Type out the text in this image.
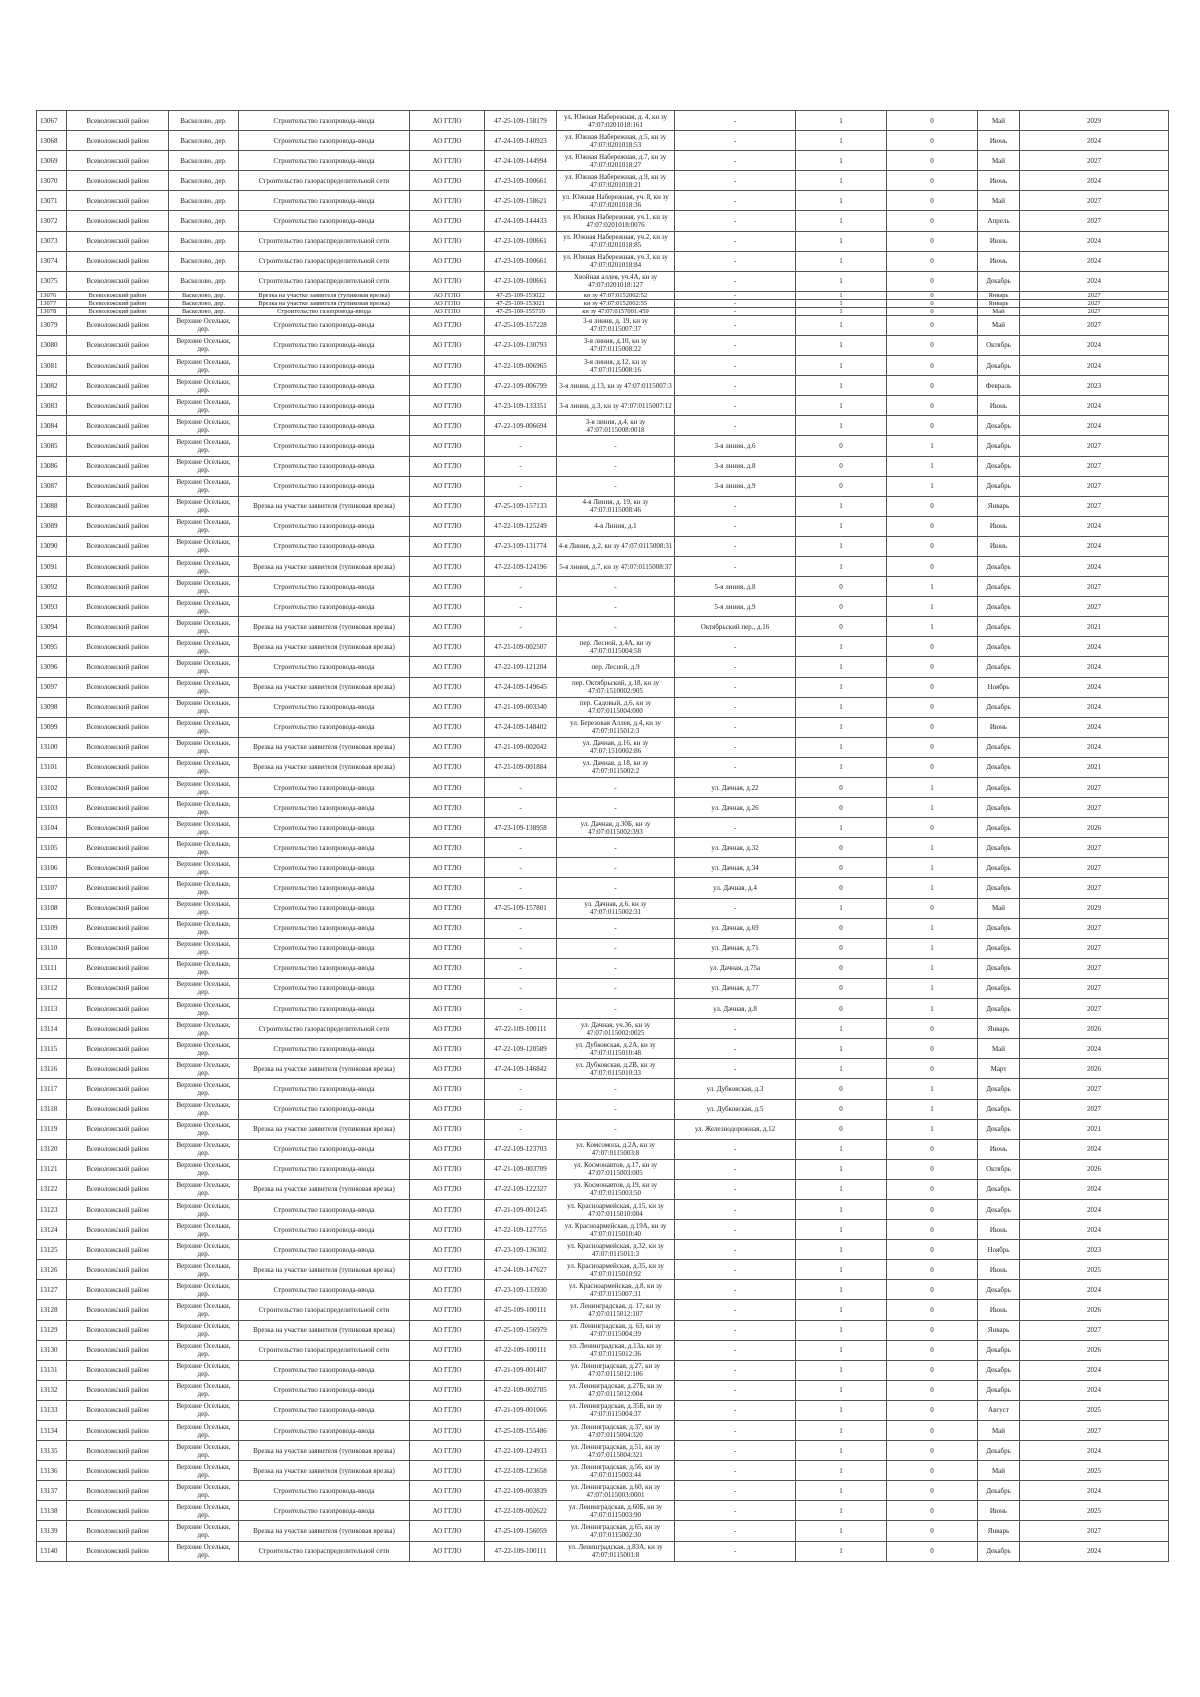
13067	Всеволожский район	Васкелово, дер.	Строительство газопровода-ввода	АО ГГЛО	47-25-109-158179	ул. Южная Набережная, д. 4, кн зу 47:07:0201018:161	-	1	0	Май	2029
13068	Всеволожский район	Васкелово, дер.	Строительство газопровода-ввода	АО ГГЛО	47-24-109-140923	ул. Южная Набережная, д.5, кн зу 47:07:0201018:53	-	1	0	Июнь	2024
13069	Всеволожский район	Васкелово, дер.	Строительство газопровода-ввода	АО ГГЛО	47-24-109-144994	ул. Южная Набережная, д.7, кн зу 47:07:0201018:27	-	1	0	Май	2027
13070	Всеволожский район	Васкелово, дер.	Строительство газораспределительной сети	АО ГГЛО	47-23-109-100661	ул. Южная Набережная, д.9, кн зу 47:07:0201018:21	-	1	0	Июнь	2024
13071	Всеволожский район	Васкелово, дер.	Строительство газопровода-ввода	АО ГГЛО	47-25-109-158621	ул. Южная Набережная, уч. 8, кн зу 47:07:0201018:36	-	1	0	Май	2027
13072	Всеволожский район	Васкелово, дер.	Строительство газопровода-ввода	АО ГГЛО	47-24-109-144433	ул. Южная Набережная, уч.1, кн зу 47:07:0201018:0076	-	1	0	Апрель	2027
13073	Всеволожский район	Васкелово, дер.	Строительство газораспределительной сети	АО ГГЛО	47-23-109-100661	ул. Южная Набережная, уч.2, кн зу 47:07:0201018:85	-	1	0	Июнь	2024
13074	Всеволожский район	Васкелово, дер.	Строительство газораспределительной сети	АО ГГЛО	47-23-109-100661	ул. Южная Набережная, уч.3, кн зу 47:07:0201018:84	-	1	0	Июнь	2024
13075	Всеволожский район	Васкелово, дер.	Строительство газораспределительной сети	АО ГГЛО	47-23-109-100661	Хвойная аллея, уч.4А, кн зу 47:07:0201018:127	-	1	0	Декабрь	2024
13076	Всеволожский район	Васкелово, дер.	Врезка на участке заявителя (тупиковая врезка)	АО ГГЛО	47-25-109-153022	кн зу 47:07:0152002:52	-	1	0	Январь	2027
13077	Всеволожский район	Васкелово, дер.	Врезка на участке заявителя (тупиковая врезка)	АО ГГЛО	47-25-109-153021	кн зу 47:07:0152002:55	-	1	0	Январь	2027
13078	Всеволожский район	Васкелово, дер.	Строительство газопровода-ввода	АО ГГЛО	47-25-109-155710	кн зу 47:07:0157001:459	-	1	0	Май	2027
13079	Всеволожский район	Верхние Осельки, дер.	Строительство газопровода-ввода	АО ГГЛО	47-25-109-157228	3-я линия, д. 19, кн зу 47:07:0115007:37	-	1	0	Май	2027
13080	Всеволожский район	Верхние Осельки, дер.	Строительство газопровода-ввода	АО ГГЛО	47-23-109-130793	3-я линия, д.10, кн зу 47:07:0115008:22	-	1	0	Октябрь	2024
13081	Всеволожский район	Верхние Осельки, дер.	Строительство газопровода-ввода	АО ГГЛО	47-22-109-006965	3-я линия, д.12, кн зу 47:07:0115008:16	-	1	0	Декабрь	2024
13082	Всеволожский район	Верхние Осельки, дер.	Строительство газопровода-ввода	АО ГГЛО	47-22-109-006799	3-я линия, д.13, кн зу 47:07:0115007:3	-	1	0	Февраль	2023
13083	Всеволожский район	Верхние Осельки, дер.	Строительство газопровода-ввода	АО ГГЛО	47-23-109-133351	3-я линия, д.3, кн зу 47:07:0115007:12	-	1	0	Июнь	2024
13084	Всеволожский район	Верхние Осельки, дер.	Строительство газопровода-ввода	АО ГГЛО	47-22-109-006694	3-я линия, д.4, кн зу 47:07:0115008:0018	-	1	0	Декабрь	2024
13085	Всеволожский район	Верхние Осельки, дер.	Строительство газопровода-ввода	АО ГГЛО	-	-	3-я линия, д.6	0	1	Декабрь	2027
13086	Всеволожский район	Верхние Осельки, дер.	Строительство газопровода-ввода	АО ГГЛО	-	-	3-я линия, д.8	0	1	Декабрь	2027
13087	Всеволожский район	Верхние Осельки, дер.	Строительство газопровода-ввода	АО ГГЛО	-	-	3-я линия, д.9	0	1	Декабрь	2027
13088	Всеволожский район	Верхние Осельки, дер.	Врезка на участке заявителя (тупиковая врезка)	АО ГГЛО	47-25-109-157133	4-я Линия, д. 19, кн зу 47:07:0115008:46	-	1	0	Январь	2027
13089	Всеволожский район	Верхние Осельки, дер.	Строительство газопровода-ввода	АО ГГЛО	47-22-109-125249	4-я Линия, д.1	-	1	0	Июнь	2024
13090	Всеволожский район	Верхние Осельки, дер.	Строительство газопровода-ввода	АО ГГЛО	47-23-109-131774	4-я Линия, д.2, кн зу 47:07:0115008:31	-	1	0	Июнь	2024
13091	Всеволожский район	Верхние Осельки, дер.	Врезка на участке заявителя (тупиковая врезка)	АО ГГЛО	47-22-109-124196	5-я линия, д.7, кн зу 47:07:0115008:37	-	1	0	Декабрь	2024
13092	Всеволожский район	Верхние Осельки, дер.	Строительство газопровода-ввода	АО ГГЛО	-	-	5-я линия, д.8	0	1	Декабрь	2027
13093	Всеволожский район	Верхние Осельки, дер.	Строительство газопровода-ввода	АО ГГЛО	-	-	5-я линия, д.9	0	1	Декабрь	2027
13094	Всеволожский район	Верхние Осельки, дер.	Врезка на участке заявителя (тупиковая врезка)	АО ГГЛО	-	-	Октябрьский пер., д.16	0	1	Декабрь	2021
13095	Всеволожский район	Верхние Осельки, дер.	Врезка на участке заявителя (тупиковая врезка)	АО ГГЛО	47-21-109-002507	пер. Лесной, д.4А, кн зу 47:07:0115004:58	-	1	0	Декабрь	2024
13096	Всеволожский район	Верхние Осельки, дер.	Строительство газопровода-ввода	АО ГГЛО	47-22-109-121204	пер. Лесной, д.9	-	1	0	Декабрь	2024
13097	Всеволожский район	Верхние Осельки, дер.	Врезка на участке заявителя (тупиковая врезка)	АО ГГЛО	47-24-109-149645	пер. Октябрьский, д.18, кн зу 47:07:1510002:905	-	1	0	Ноябрь	2024
13098	Всеволожский район	Верхние Осельки, дер.	Строительство газопровода-ввода	АО ГГЛО	47-21-109-003340	пер. Садовый, д.6, кн зу 47:07:0115004:000	-	1	0	Декабрь	2024
13099	Всеволожский район	Верхние Осельки, дер.	Строительство газопровода-ввода	АО ГГЛО	47-24-109-148402	ул. Березовая Аллея, д.4, кн зу 47:07:0115012:3	-	1	0	Июнь	2024
13100	Всеволожский район	Верхние Осельки, дер.	Врезка на участке заявителя (тупиковая врезка)	АО ГГЛО	47-21-109-002042	ул. Дачная, д.16, кн зу 47:07:1510002:86	-	1	0	Декабрь	2024
13101	Всеволожский район	Верхние Осельки, дер.	Врезка на участке заявителя (тупиковая врезка)	АО ГГЛО	47-21-109-001884	ул. Дачная, д.18, кн зу 47:07:0115002:2	-	1	0	Декабрь	2021
13102	Всеволожский район	Верхние Осельки, дер.	Строительство газопровода-ввода	АО ГГЛО	-	-	ул. Дачная, д.22	0	1	Декабрь	2027
13103	Всеволожский район	Верхние Осельки, дер.	Строительство газопровода-ввода	АО ГГЛО	-	-	ул. Дачная, д.26	0	1	Декабрь	2027
13104	Всеволожский район	Верхние Осельки, дер.	Строительство газопровода-ввода	АО ГГЛО	47-23-109-138958	ул. Дачная, д.30Б, кн зу 47:07:0115002:393	-	1	0	Декабрь	2026
13105	Всеволожский район	Верхние Осельки, дер.	Строительство газопровода-ввода	АО ГГЛО	-	-	ул. Дачная, д.32	0	1	Декабрь	2027
13106	Всеволожский район	Верхние Осельки, дер.	Строительство газопровода-ввода	АО ГГЛО	-	-	ул. Дачная, д.34	0	1	Декабрь	2027
13107	Всеволожский район	Верхние Осельки, дер.	Строительство газопровода-ввода	АО ГГЛО	-	-	ул. Дачная, д.4	0	1	Декабрь	2027
13108	Всеволожский район	Верхние Осельки, дер.	Строительство газопровода-ввода	АО ГГЛО	47-25-109-157801	ул. Дачная, д.6, кн зу 47:07:0115002:31	-	1	0	Май	2029
13109	Всеволожский район	Верхние Осельки, дер.	Строительство газопровода-ввода	АО ГГЛО	-	-	ул. Дачная, д.69	0	1	Декабрь	2027
13110	Всеволожский район	Верхние Осельки, дер.	Строительство газопровода-ввода	АО ГГЛО	-	-	ул. Дачная, д.71	0	1	Декабрь	2027
13111	Всеволожский район	Верхние Осельки, дер.	Строительство газопровода-ввода	АО ГГЛО	-	-	ул. Дачная, д.75а	0	1	Декабрь	2027
13112	Всеволожский район	Верхние Осельки, дер.	Строительство газопровода-ввода	АО ГГЛО	-	-	ул. Дачная, д.77	0	1	Декабрь	2027
13113	Всеволожский район	Верхние Осельки, дер.	Строительство газопровода-ввода	АО ГГЛО	-	-	ул. Дачная, д.8	0	1	Декабрь	2027
13114	Всеволожский район	Верхние Осельки, дер.	Строительство газораспределительной сети	АО ГГЛО	47-22-109-100111	ул. Дачная, уч.36, кн зу 47:07:0115002:0025	-	1	0	Январь	2026
13115	Всеволожский район	Верхние Осельки, дер.	Строительство газопровода-ввода	АО ГГЛО	47-22-109-120589	ул. Дубковская, д.2А, кн зу 47:07:0115010:48	-	1	0	Май	2024
13116	Всеволожский район	Верхние Осельки, дер.	Врезка на участке заявителя (тупиковая врезка)	АО ГГЛО	47-24-109-146842	ул. Дубковская, д.2В, кн зу 47:07:0115010:33	-	1	0	Март	2026
13117	Всеволожский район	Верхние Осельки, дер.	Строительство газопровода-ввода	АО ГГЛО	-	-	ул. Дубковская, д.3	0	1	Декабрь	2027
13118	Всеволожский район	Верхние Осельки, дер.	Строительство газопровода-ввода	АО ГГЛО	-	-	ул. Дубковская, д.5	0	1	Декабрь	2027
13119	Всеволожский район	Верхние Осельки, дер.	Врезка на участке заявителя (тупиковая врезка)	АО ГГЛО	-	-	ул. Железнодорожная, д.12	0	1	Декабрь	2021
13120	Всеволожский район	Верхние Осельки, дер.	Строительство газопровода-ввода	АО ГГЛО	47-22-109-123703	ул. Комсомола, д.2А, кн зу 47:07:0115003:8	-	1	0	Июнь	2024
13121	Всеволожский район	Верхние Осельки, дер.	Строительство газопровода-ввода	АО ГГЛО	47-21-109-003709	ул. Космонавтов, д.17, кн зу 47:07:0115003:005	-	1	0	Октябрь	2026
13122	Всеволожский район	Верхние Осельки, дер.	Врезка на участке заявителя (тупиковая врезка)	АО ГГЛО	47-22-109-122327	ул. Космонавтов, д.19, кн зу 47:07:0115003:50	-	1	0	Декабрь	2024
13123	Всеволожский район	Верхние Осельки, дер.	Строительство газопровода-ввода	АО ГГЛО	47-21-109-001245	ул. Красноармейская, д.15, кн зу 47:07:0115010:004	-	1	0	Декабрь	2024
13124	Всеволожский район	Верхние Осельки, дер.	Строительство газопровода-ввода	АО ГГЛО	47-22-109-127755	ул. Красноармейская, д.19А, кн зу 47:07:0115010:40	-	1	0	Июнь	2024
13125	Всеволожский район	Верхние Осельки, дер.	Строительство газопровода-ввода	АО ГГЛО	47-23-109-136302	ул. Красноармейская, д.32, кн зу 47:07:0115011:3	-	1	0	Ноябрь	2023
13126	Всеволожский район	Верхние Осельки, дер.	Врезка на участке заявителя (тупиковая врезка)	АО ГГЛО	47-24-109-147627	ул. Красноармейская, д.35, кн зу 47:07:0115010:92	-	1	0	Июнь	2025
13127	Всеволожский район	Верхние Осельки, дер.	Строительство газопровода-ввода	АО ГГЛО	47-23-109-133930	ул. Красноармейская, д.8, кн зу 47:07:0115007:31	-	1	0	Декабрь	2024
13128	Всеволожский район	Верхние Осельки, дер.	Строительство газораспределительной сети	АО ГГЛО	47-25-109-100111	ул. Ленинградская, д. 17, кн зу 47:07:0115012:107	-	1	0	Июнь	2026
13129	Всеволожский район	Верхние Осельки, дер.	Врезка на участке заявителя (тупиковая врезка)	АО ГГЛО	47-25-109-156979	ул. Ленинградская, д. 63, кн зу 47:07:0115004:39	-	1	0	Январь	2027
13130	Всеволожский район	Верхние Осельки, дер.	Строительство газораспределительной сети	АО ГГЛО	47-22-109-100111	ул. Ленинградская, д.13а, кн зу 47:07:0115012:36	-	1	0	Декабрь	2026
13131	Всеволожский район	Верхние Осельки, дер.	Строительство газопровода-ввода	АО ГГЛО	47-21-109-001487	ул. Ленинградская, д.27, кн зу 47:07:0115012:106	-	1	0	Декабрь	2024
13132	Всеволожский район	Верхние Осельки, дер.	Строительство газопровода-ввода	АО ГГЛО	47-22-109-002785	ул. Ленинградская, д.27Б, кн зу 47:07:0115012:004	-	1	0	Декабрь	2024
13133	Всеволожский район	Верхние Осельки, дер.	Строительство газопровода-ввода	АО ГГЛО	47-21-109-001066	ул. Ленинградская, д.35Б, кн зу 47:07:0115004:37	-	1	0	Август	2025
13134	Всеволожский район	Верхние Осельки, дер.	Строительство газопровода-ввода	АО ГГЛО	47-25-109-155486	ул. Ленинградская, д.37, кн зу 47:07:0115004:320	-	1	0	Май	2027
13135	Всеволожский район	Верхние Осельки, дер.	Врезка на участке заявителя (тупиковая врезка)	АО ГГЛО	47-22-109-124933	ул. Ленинградская, д.51, кн зу 47:07:0115004:321	-	1	0	Декабрь	2024
13136	Всеволожский район	Верхние Осельки, дер.	Врезка на участке заявителя (тупиковая врезка)	АО ГГЛО	47-22-109-123658	ул. Ленинградская, д.56, кн зу 47:07:0115003:44	-	1	0	Май	2025
13137	Всеволожский район	Верхние Осельки, дер.	Строительство газопровода-ввода	АО ГГЛО	47-22-109-003839	ул. Ленинградская, д.60, кн зу 47:07:0115003:0001	-	1	0	Декабрь	2024
13138	Всеволожский район	Верхние Осельки, дер.	Строительство газопровода-ввода	АО ГГЛО	47-22-109-002622	ул. Ленинградская, д.60Б, кн зу 47:07:0115003:90	-	1	0	Июнь	2025
13139	Всеволожский район	Верхние Осельки, дер.	Врезка на участке заявителя (тупиковая врезка)	АО ГГЛО	47-25-109-156059	ул. Ленинградская, д.65, кн зу 47:07:0115002:30	-	1	0	Январь	2027
13140	Всеволожский район	Верхние Осельки, дер.	Строительство газораспределительной сети	АО ГГЛО	47-22-109-100111	ул. Ленинградская, д.83А, кн зу 47:07:0115001:8	-	1	0	Декабрь	2024
